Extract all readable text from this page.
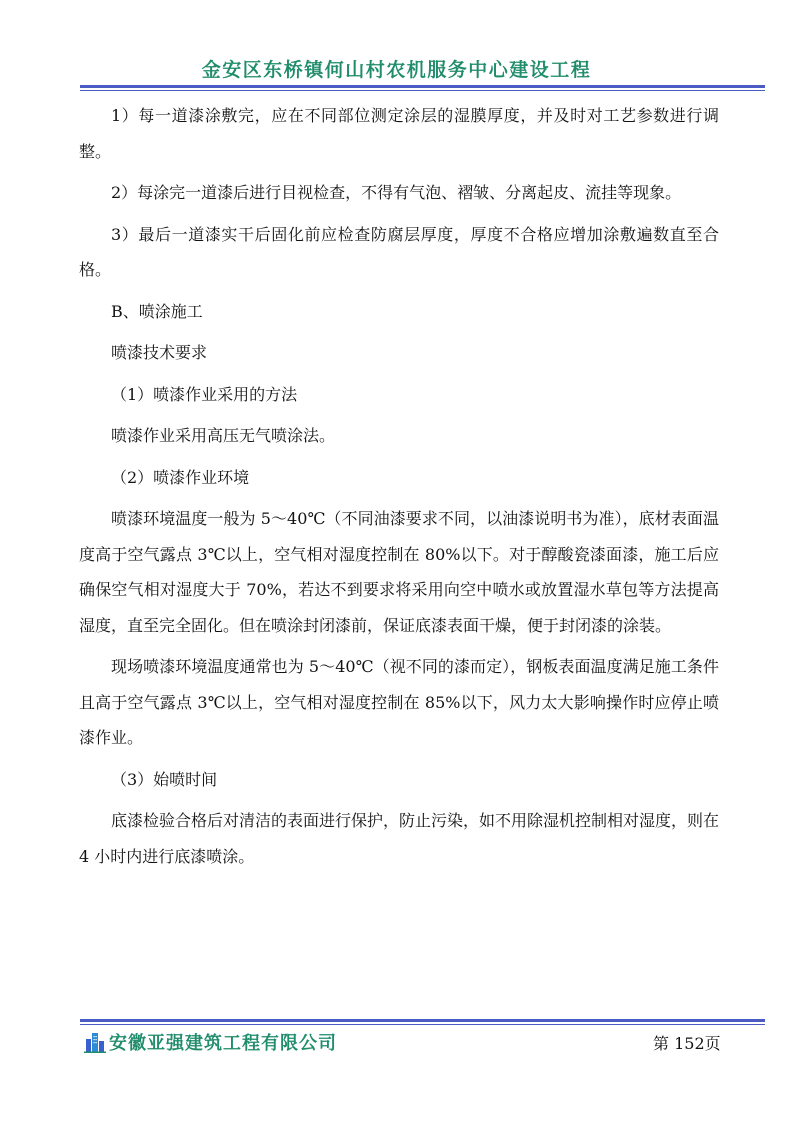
金安区东桥镇何山村农机服务中心建设工程

1）每一道漆涂敷完，应在不同部位测定涂层的湿膜厚度，并及时对工艺参数进行调整。

2）每涂完一道漆后进行目视检查，不得有气泡、褶皱、分离起皮、流挂等现象。

3）最后一道漆实干后固化前应检查防腐层厚度，厚度不合格应增加涂敷遍数直至合格。

B、喷涂施工

喷漆技术要求

（1）喷漆作业采用的方法

喷漆作业采用高压无气喷涂法。

（2）喷漆作业环境

喷漆环境温度一般为 5～40℃（不同油漆要求不同，以油漆说明书为准），底材表面温度高于空气露点 3℃以上，空气相对湿度控制在 80%以下。对于醇酸瓷漆面漆，施工后应确保空气相对湿度大于 70%，若达不到要求将采用向空中喷水或放置湿水草包等方法提高湿度，直至完全固化。但在喷涂封闭漆前，保证底漆表面干燥，便于封闭漆的涂装。

现场喷漆环境温度通常也为 5～40℃（视不同的漆而定），钢板表面温度满足施工条件且高于空气露点 3℃以上，空气相对湿度控制在 85%以下，风力太大影响操作时应停止喷漆作业。

（3）始喷时间

底漆检验合格后对清洁的表面进行保护，防止污染，如不用除湿机控制相对湿度，则在 4 小时内进行底漆喷涂。

安徽亚强建筑工程有限公司	第 152页
